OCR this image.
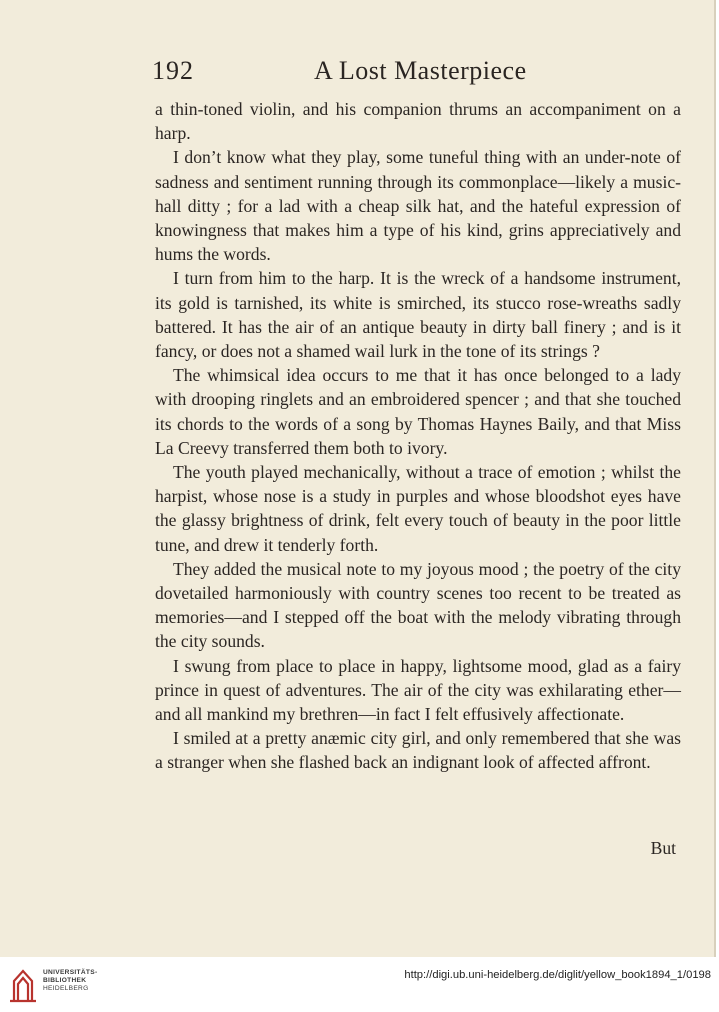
192	A Lost Masterpiece

a thin-toned violin, and his companion thrums an accompaniment on a harp.

I don’t know what they play, some tuneful thing with an under-note of sadness and sentiment running through its commonplace—likely a music-hall ditty ; for a lad with a cheap silk hat, and the hateful expression of knowingness that makes him a type of his kind, grins appreciatively and hums the words.

I turn from him to the harp. It is the wreck of a handsome instrument, its gold is tarnished, its white is smirched, its stucco rose-wreaths sadly battered. It has the air of an antique beauty in dirty ball finery ; and is it fancy, or does not a shamed wail lurk in the tone of its strings ?

The whimsical idea occurs to me that it has once belonged to a lady with drooping ringlets and an embroidered spencer ; and that she touched its chords to the words of a song by Thomas Haynes Baily, and that Miss La Creevy transferred them both to ivory.

The youth played mechanically, without a trace of emotion ; whilst the harpist, whose nose is a study in purples and whose bloodshot eyes have the glassy brightness of drink, felt every touch of beauty in the poor little tune, and drew it tenderly forth.

They added the musical note to my joyous mood ; the poetry of the city dovetailed harmoniously with country scenes too recent to be treated as memories—and I stepped off the boat with the melody vibrating through the city sounds.

I swung from place to place in happy, lightsome mood, glad as a fairy prince in quest of adventures. The air of the city was exhilarating ether—and all mankind my brethren—in fact I felt effusively affectionate.

I smiled at a pretty anæmic city girl, and only remembered that she was a stranger when she flashed back an indignant look of affected affront.

But
UNIVERSITÄTS-
BIBLIOTHEK
HEIDELBERG
http://digi.ub.uni-heidelberg.de/diglit/yellow_book1894_1/0198
